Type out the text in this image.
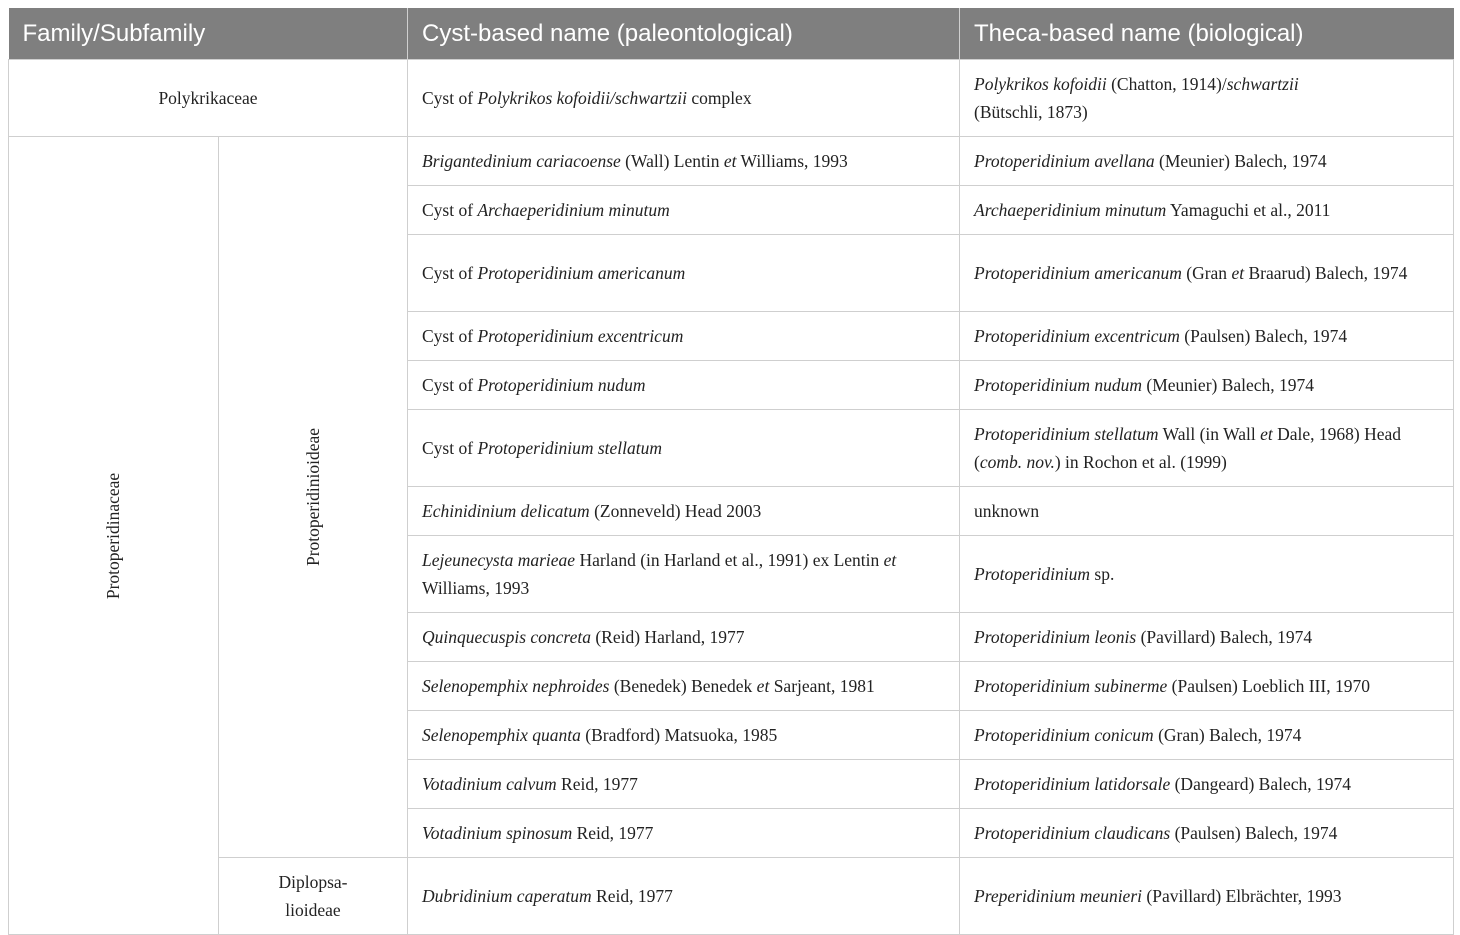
Family/Subfamily		Cyst-based name (paleontological)	Theca-based name (biological)
Polykrikaceae		Cyst of Polykrikos kofoidii/schwartzii complex	Polykrikos kofoidii (Chatton, 1914)/schwartzii
(Bütschli, 1873)
Protoperidinaceae	Protoperidinioideae	Brigantedinium cariacoense (Wall) Lentin et Williams, 1993	Protoperidinium avellana (Meunier) Balech, 1974
		Cyst of Archaeperidinium minutum	Archaeperidinium minutum Yamaguchi et al., 2011
		Cyst of Protoperidinium americanum	Protoperidinium americanum (Gran et Braarud) Balech, 1974
		Cyst of Protoperidinium excentricum	Protoperidinium excentricum (Paulsen) Balech, 1974
		Cyst of Protoperidinium nudum	Protoperidinium nudum (Meunier) Balech, 1974
		Cyst of Protoperidinium stellatum	Protoperidinium stellatum Wall (in Wall et Dale, 1968) Head (comb. nov.) in Rochon et al. (1999)
		Echinidinium delicatum (Zonneveld) Head 2003	unknown
		Lejeunecysta marieae Harland (in Harland et al., 1991) ex Lentin et Williams, 1993	Protoperidinium sp.
		Quinquecuspis concreta (Reid) Harland, 1977	Protoperidinium leonis (Pavillard) Balech, 1974
		Selenopemphix nephroides (Benedek) Benedek et Sarjeant, 1981	Protoperidinium subinerme (Paulsen) Loeblich III, 1970
		Selenopemphix quanta (Bradford) Matsuoka, 1985	Protoperidinium conicum (Gran) Balech, 1974
		Votadinium calvum Reid, 1977	Protoperidinium latidorsale (Dangeard) Balech, 1974
		Votadinium spinosum Reid, 1977	Protoperidinium claudicans (Paulsen) Balech, 1974
	Diplopsa-
lioideae	Dubridinium caperatum Reid, 1977	Preperidinium meunieri (Pavillard) Elbrächter, 1993
